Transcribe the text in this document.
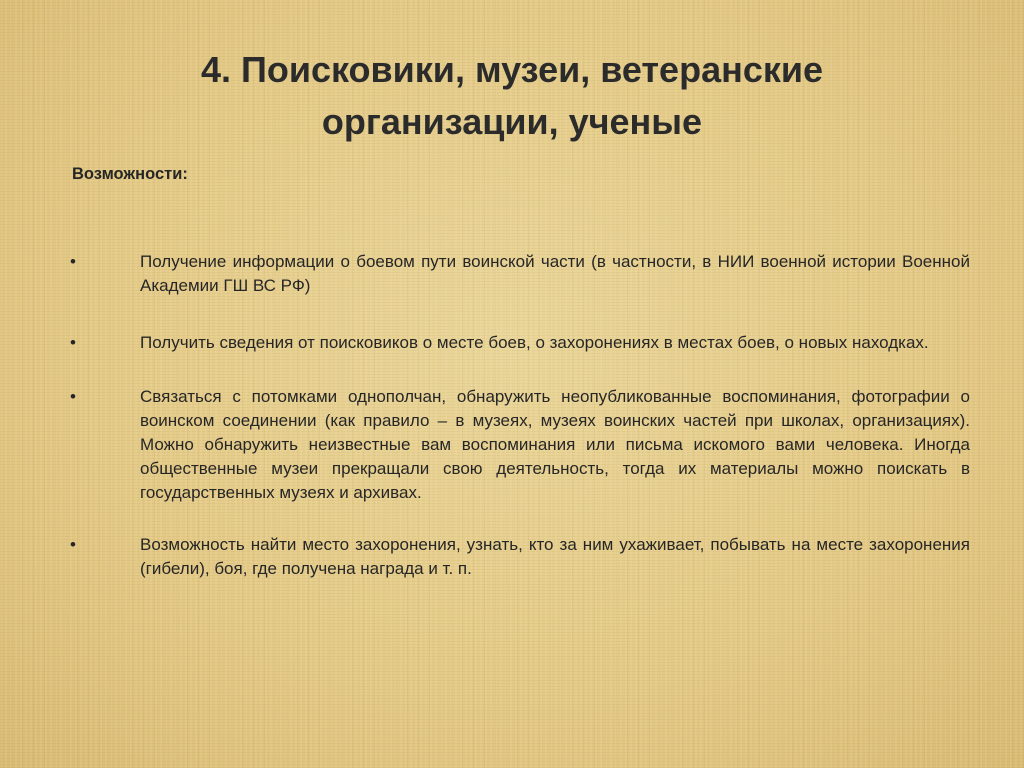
4. Поисковики, музеи, ветеранские
организации, ученые

Возможности:

•	Получение информации о боевом пути воинской части (в частности, в НИИ военной истории Военной Академии ГШ ВС РФ)
•	Получить сведения от поисковиков о месте боев, о захоронениях в местах боев, о новых находках.
•	Связаться с потомками однополчан, обнаружить неопубликованные воспоминания, фотографии о воинском соединении (как правило – в музеях, музеях воинских частей при школах, организациях). Можно обнаружить неизвестные вам воспоминания или письма искомого вами человека. Иногда общественные музеи прекращали свою деятельность, тогда их материалы можно поискать в государственных музеях и архивах.
•	Возможность найти место захоронения, узнать, кто за ним ухаживает, побывать на месте захоронения (гибели), боя, где получена награда и т. п.
